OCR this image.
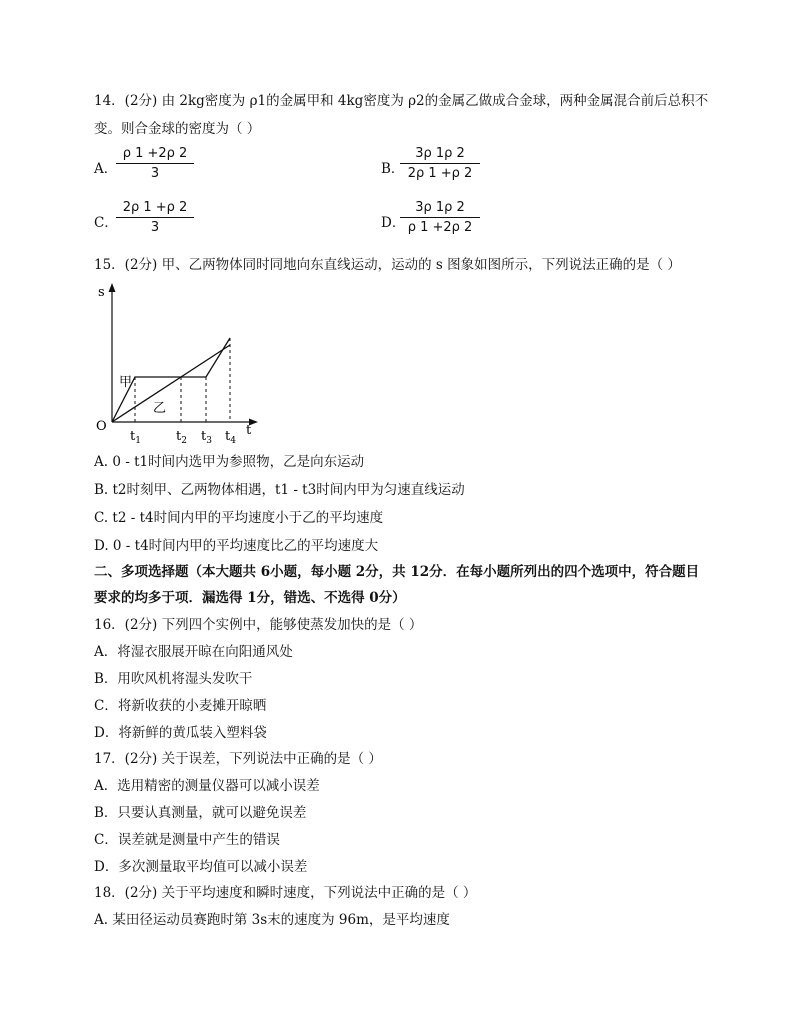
14．(2分) 由 2kg密度为 ρ1的金属甲和 4kg密度为 ρ2的金属乙做成合金球，两种金属混合前后总积不
变。则合金球的密度为（ ）
A．
ρ 1 +2ρ 2
3	B．
3ρ 1ρ 2
2ρ 1 +ρ 2
C．
2ρ 1 +ρ 2
3	D．
3ρ 1ρ 2
ρ 1 +2ρ 2
15．(2分) 甲、乙两物体同时同地向东直线运动，运动的 s 图象如图所示，下列说法正确的是（ ）
s
t
O
甲
乙
$t_1$	$t_2$ $t_3$ $t_4$
A. 0 - t1时间内选甲为参照物，乙是向东运动
B. t2时刻甲、乙两物体相遇，t1 - t3时间内甲为匀速直线运动
C. t2 - t4时间内甲的平均速度小于乙的平均速度
D. 0 - t4时间内甲的平均速度比乙的平均速度大
二、多项选择题（本大题共 6小题，每小题 2分，共 12分．在每小题所列出的四个选项中，符合题目
要求的均多于项．漏选得 1分，错选、不选得 0分）
16．(2分) 下列四个实例中，能够使蒸发加快的是（ ）
A．将湿衣服展开晾在向阳通风处
B．用吹风机将湿头发吹干
C．将新收获的小麦摊开晾晒
D．将新鲜的黄瓜装入塑料袋
17．(2分) 关于误差，下列说法中正确的是（ ）
A．选用精密的测量仪器可以减小误差
B．只要认真测量，就可以避免误差
C．误差就是测量中产生的错误
D．多次测量取平均值可以减小误差
18．(2分) 关于平均速度和瞬时速度，下列说法中正确的是（ ）
A. 某田径运动员赛跑时第 3s末的速度为 96m，是平均速度
